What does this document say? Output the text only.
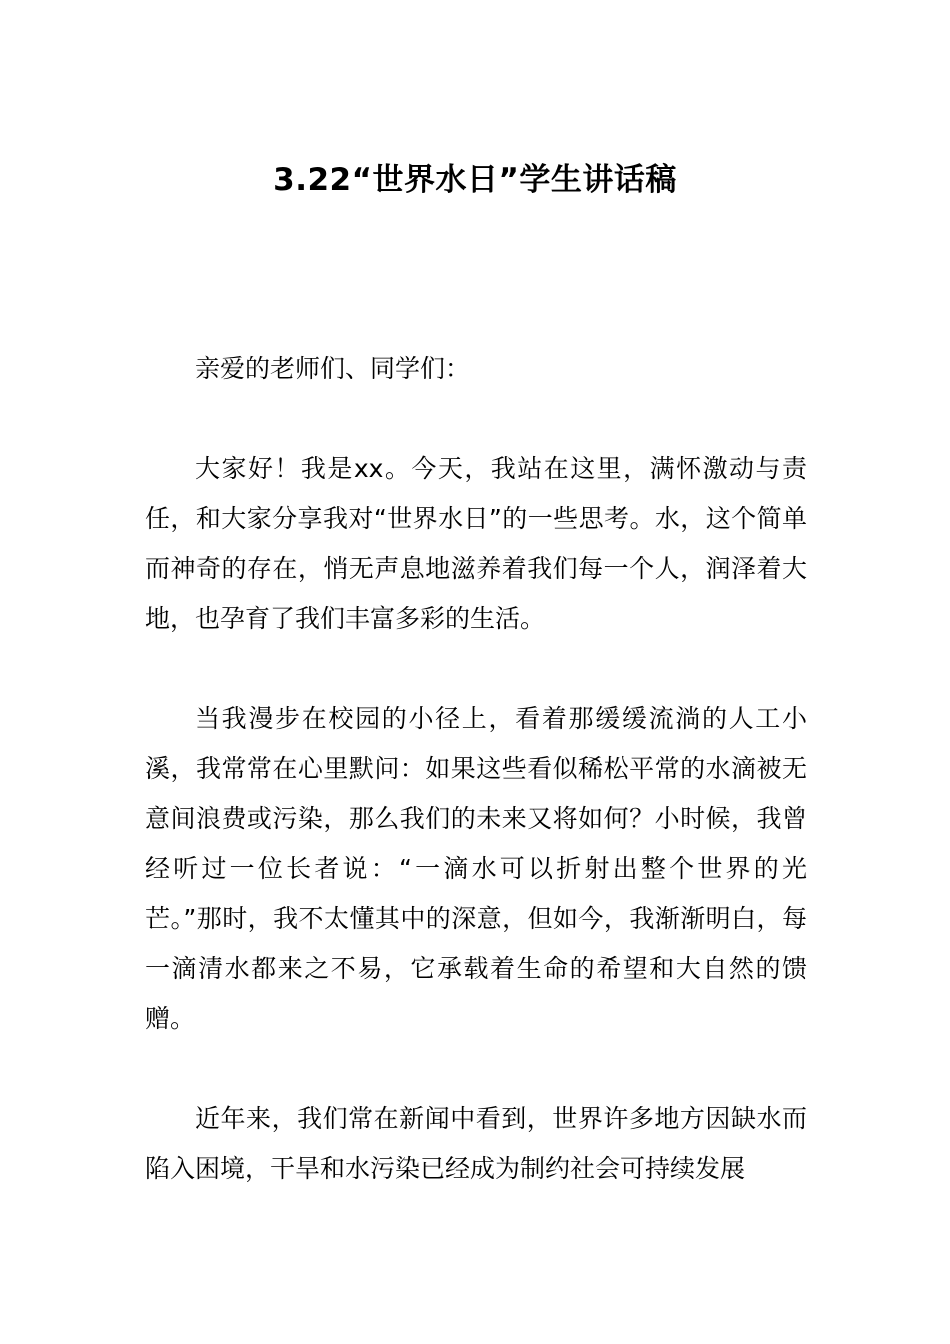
3.22“世界水日”学生讲话稿

亲爱的老师们、同学们：

大家好！我是xx。今天，我站在这里，满怀激动与责任，和大家分享我对“世界水日”的一些思考。水，这个简单而神奇的存在，悄无声息地滋养着我们每一个人，润泽着大地，也孕育了我们丰富多彩的生活。

当我漫步在校园的小径上，看着那缓缓流淌的人工小溪，我常常在心里默问：如果这些看似稀松平常的水滴被无意间浪费或污染，那么我们的未来又将如何？小时候，我曾经听过一位长者说：“一滴水可以折射出整个世界的光芒。”那时，我不太懂其中的深意，但如今，我渐渐明白，每一滴清水都来之不易，它承载着生命的希望和大自然的馈赠。

近年来，我们常在新闻中看到，世界许多地方因缺水而陷入困境，干旱和水污染已经成为制约社会可持续发展
